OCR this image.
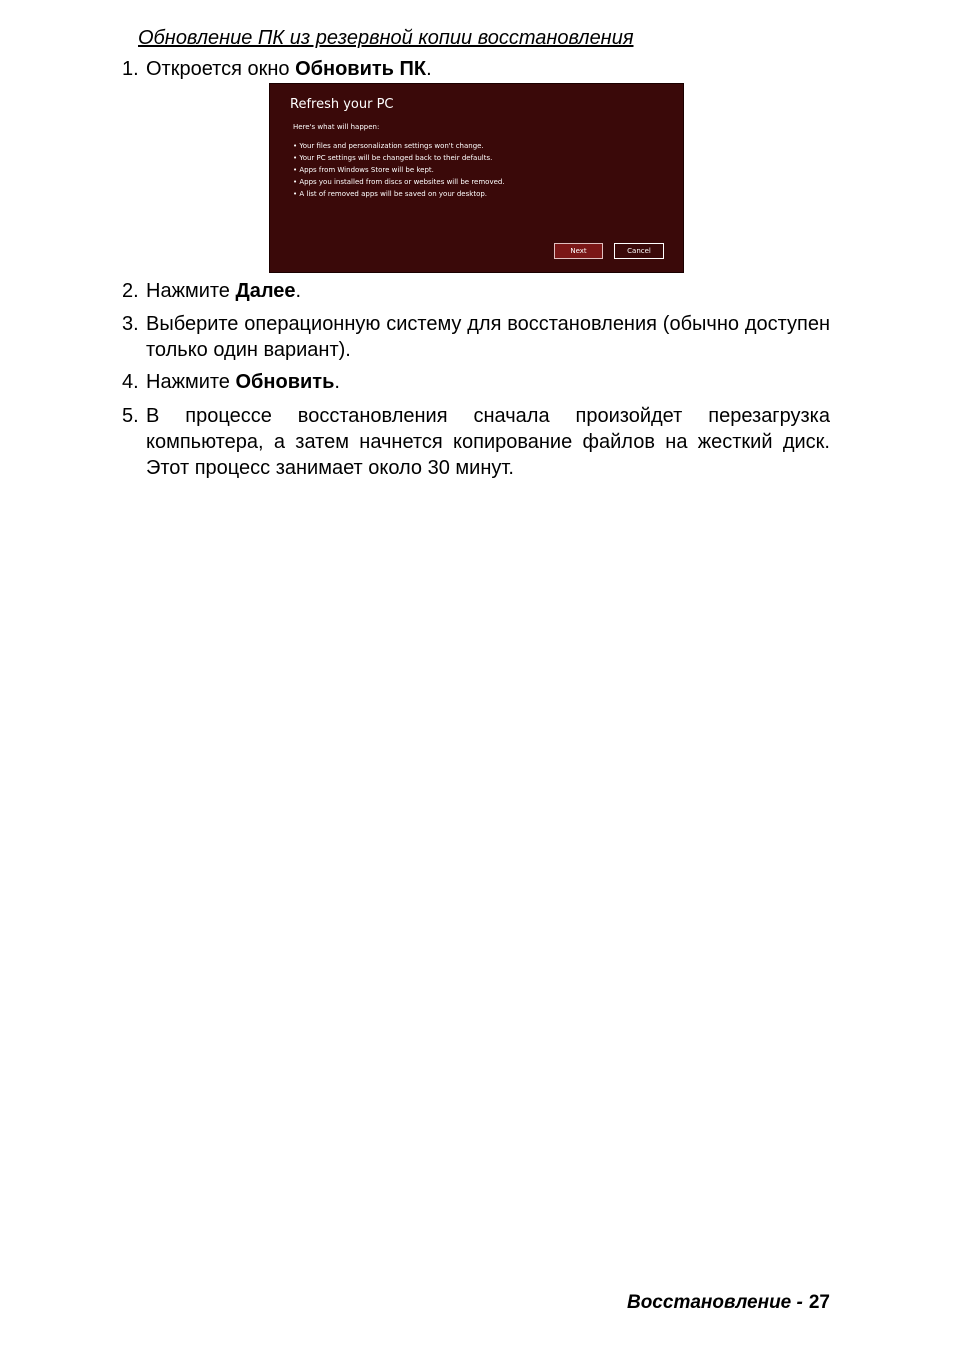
Обновление ПК из резервной копии восстановления
1. Откроется окно Обновить ПК.
Refresh your PC
Here's what will happen:
• Your files and personalization settings won't change.
• Your PC settings will be changed back to their defaults.
• Apps from Windows Store will be kept.
• Apps you installed from discs or websites will be removed.
• A list of removed apps will be saved on your desktop.
Next	Cancel
2. Нажмите Далее.
3. Выберите операционную систему для восстановления (обычно доступен только один вариант).
4. Нажмите Обновить.
5. В процессе восстановления сначала произойдет перезагрузка компьютера, а затем начнется копирование файлов на жесткий диск. Этот процесс занимает около 30 минут.
Восстановление - 27
